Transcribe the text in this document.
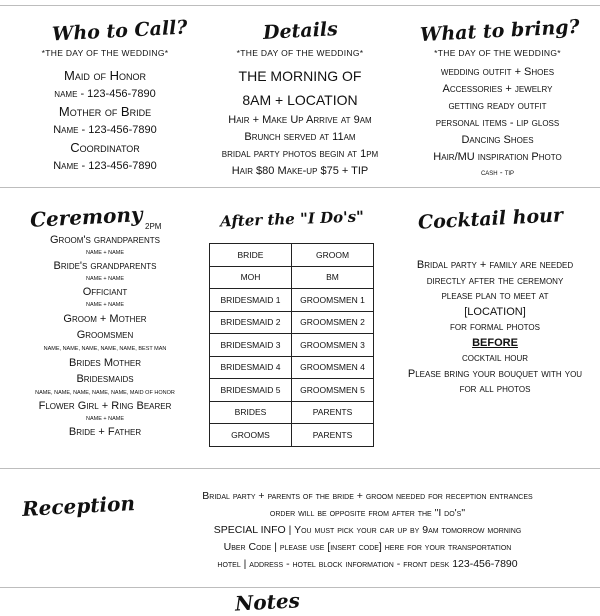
Who to Call?
*THE DAY OF THE WEDDING*
Maid of Honor
name - 123-456-7890
Mother of Bride
Name - 123-456-7890
Coordinator
Name - 123-456-7890
Details
*THE DAY OF THE WEDDING*
THE MORNING OF
8AM + LOCATION
Hair + Make Up Arrive at 9am
Brunch served at 11am
bridal party photos begin at 1pm
Hair $80 Make-up $75 + TIP
What to bring?
*THE DAY OF THE WEDDING*
wedding outfit + Shoes
Accessories + jewelry
getting ready outfit
personal items - lip gloss
Dancing Shoes
Hair/MU inspiration Photo
cash - tip
Ceremony 2PM
Groom's grandparents
NAME + NAME
Bride's grandparents
NAME + NAME
Officiant
NAME + NAME
Groom + Mother
Groomsmen
NAME, NAME, NAME, NAME, NAME, BEST MAN
Brides Mother
Bridesmaids
NAME, NAME, NAME, NAME, NAME, MAID OF HONOR
Flower Girl + Ring Bearer
NAME + NAME
Bride + Father
After the "I Do's"
BRIDE	GROOM
MOH	BM
BRIDESMAID 1	GROOMSMEN 1
BRIDESMAID 2	GROOMSMEN 2
BRIDESMAID 3	GROOMSMEN 3
BRIDESMAID 4	GROOMSMEN 4
BRIDESMAID 5	GROOMSMEN 5
BRIDES	PARENTS
GROOMS	PARENTS
Cocktail hour
Bridal party + family are needed
directly after the ceremony
please plan to meet at
[LOCATION]
for formal photos
BEFORE
cocktail hour
Please bring your bouquet with you
for all photos
Reception	Bridal party + parents of the bride + groom needed for reception entrances
order will be opposite from after the "I do's"
SPECIAL INFO | You must pick your car up by 9am tomorrow morning
Uber Code | please use [insert code] here for your transportation
hotel | address - hotel block information - front desk 123-456-7890
Notes
